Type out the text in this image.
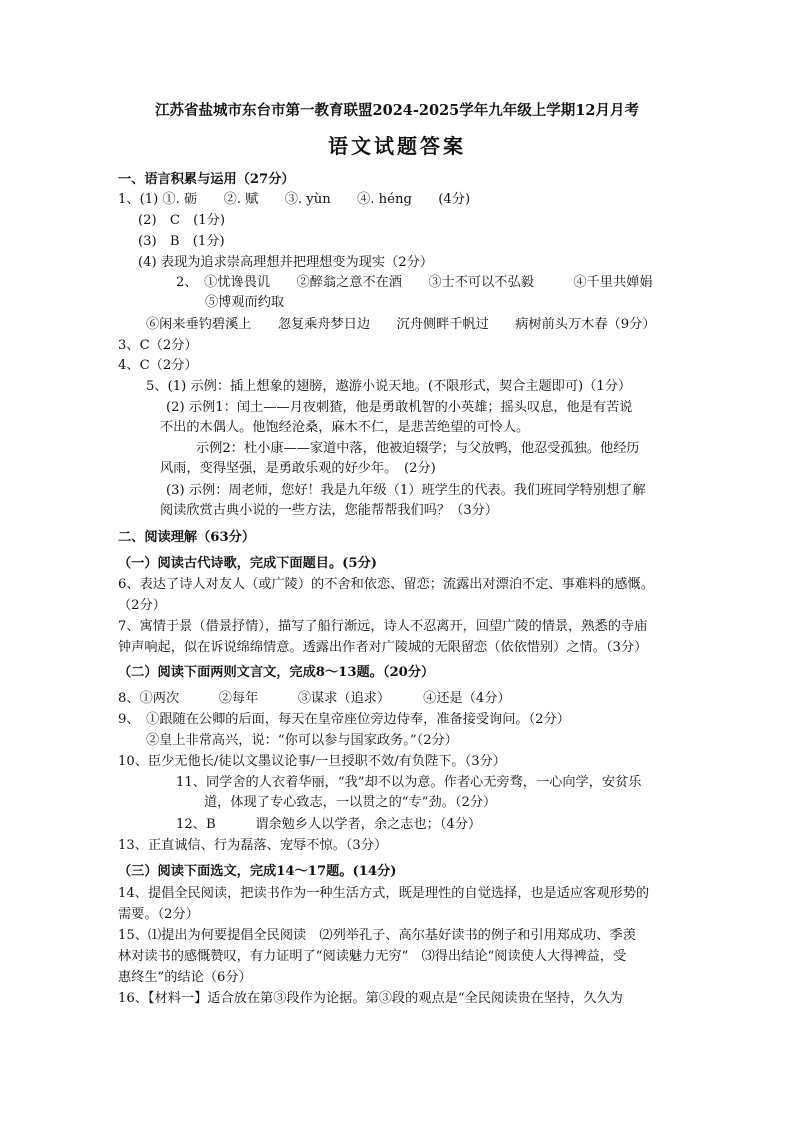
江苏省盐城市东台市第一教育联盟2024-2025学年九年级上学期12月月考
语文试题答案
一、语言积累与运用（27分）
1、(1) ①. 砺　　②. 赋　　③. yùn　　④. héng　　(4分)
(2)　C　(1分)
(3)　B　(1分)
(4) 表现为追求崇高理想并把理想变为现实（2分）
2、　①忧谗畏讥　　②醉翁之意不在酒　　③士不可以不弘毅　　　④千里共婵娟
⑤博观而约取
⑥闲来垂钓碧溪上　　忽复乘舟梦日边　　沉舟侧畔千帆过　　病树前头万木春（9分）
3、C（2分）
4、C（2分）
5、(1) 示例：插上想象的翅膀，遨游小说天地。(不限形式，契合主题即可)（1分）
(2) 示例1：闰土——月夜刺猹，他是勇敢机智的小英雄；摇头叹息，他是有苦说
不出的木偶人。他饱经沧桑，麻木不仁，是悲苦绝望的可怜人。
示例2：杜小康——家道中落，他被迫辍学；与父放鸭，他忍受孤独。他经历
风雨，变得坚强，是勇敢乐观的好少年。　(2分)
(3) 示例：周老师，您好！我是九年级（1）班学生的代表。我们班同学特别想了解
阅读欣赏古典小说的一些方法，您能帮帮我们吗？（3分）
二、阅读理解（63分）
（一）阅读古代诗歌，完成下面题目。(5分)
6、表达了诗人对友人（或广陵）的不舍和依恋、留恋；流露出对漂泊不定、事难料的感慨。
（2分）
7、寓情于景（借景抒情），描写了船行渐远，诗人不忍离开，回望广陵的情景，熟悉的寺庙
钟声响起，似在诉说绵绵情意。透露出作者对广陵城的无限留恋（依依惜别）之情。（3分）
（二）阅读下面两则文言文，完成8～13题。（20分）
8、①两次　　　②每年　　　③谋求（追求）　　　④还是（4分）
9、　①跟随在公卿的后面，每天在皇帝座位旁边侍奉，准备接受询问。（2分）
②皇上非常高兴，说：“你可以参与国家政务。”（2分）
10、臣少无他长/徒以文墨议论事/一旦授职不效/有负陛下。（3分）
11、同学舍的人衣着华丽，“我”却不以为意。作者心无旁骛，一心向学，安贫乐
道，体现了专心致志，一以贯之的“专”劲。（2分）
12、B　　　谓余勉乡人以学者，余之志也；（4分）
13、正直诚信、行为磊落、宠辱不惊。（3分）
（三）阅读下面选文，完成14～17题。(14分)
14、提倡全民阅读，把读书作为一种生活方式，既是理性的自觉选择，也是适应客观形势的
需要。（2分）
15、⑴提出为何要提倡全民阅读　⑵列举孔子、高尔基好读书的例子和引用郑成功、季羡
林对读书的感慨赞叹，有力证明了“阅读魅力无穷”　⑶得出结论“阅读使人大得裨益，受
惠终生”的结论（6分）
16、【材料一】适合放在第③段作为论据。第③段的观点是“全民阅读贵在坚持，久久为
